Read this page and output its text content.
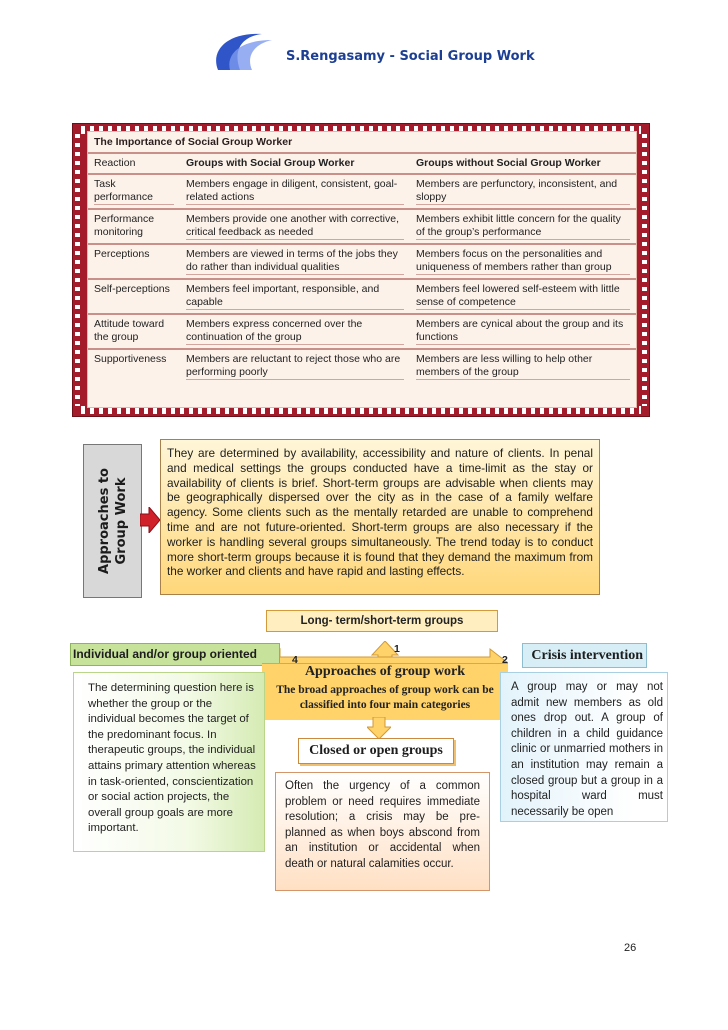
S.Rengasamy - Social Group Work
The Importance of Social Group Worker		
Reaction	Groups with Social Group Worker	Groups without Social Group Worker

Task performance	Members engage in diligent, consistent, goal-related actions	Members are perfunctory, inconsistent, and sloppy

Performance monitoring	Members provide one another with corrective, critical feedback as needed	Members exhibit little concern for the quality of the group’s performance

Perceptions	Members are viewed in terms of the jobs they do rather than individual qualities	Members focus on the personalities and uniqueness of members rather than group

Self-perceptions	Members feel important, responsible, and capable	Members feel lowered self-esteem with little sense of competence

Attitude toward the group	Members express concerned over the continuation of the group	Members are cynical about the group and its functions

Supportiveness	Members are reluctant to reject those who are performing poorly	Members are less willing to help other members of the group
Approaches to Group Work
They are determined by availability, accessibility and nature of clients. In penal and medical settings the groups conducted have a time-limit as the stay or availability of clients is brief. Short-term groups are advisable when clients may be geographically dispersed over the city as in the case of a family welfare agency. Some clients such as the mentally retarded are unable to comprehend time and are not future-oriented. Short-term groups are also necessary if the worker is handling several groups simultaneously. The trend today is to conduct more short-term groups because it is found that they demand the maximum from the worker and clients and have rapid and lasting effects.
Long- term/short-term groups
Individual and/or group oriented	Crisis intervention
1
2
4
Approaches of group work
The broad approaches of group work can be classified into four main categories
The determining question here is whether the group or the individual becomes the target of the predominant focus. In therapeutic groups, the individual attains primary attention whereas in task-oriented, conscientization or social action projects, the overall group goals are more important.
Closed or open groups
Often the urgency of a common problem or need requires immediate resolution; a crisis may be pre-planned as when boys abscond from an institution or accidental when death or natural calamities occur.
A group may or may not admit new members as old ones drop out. A group of children in a child guidance clinic or unmarried mothers in an institution may remain a closed group but a group in a hospital ward must necessarily be open
26
